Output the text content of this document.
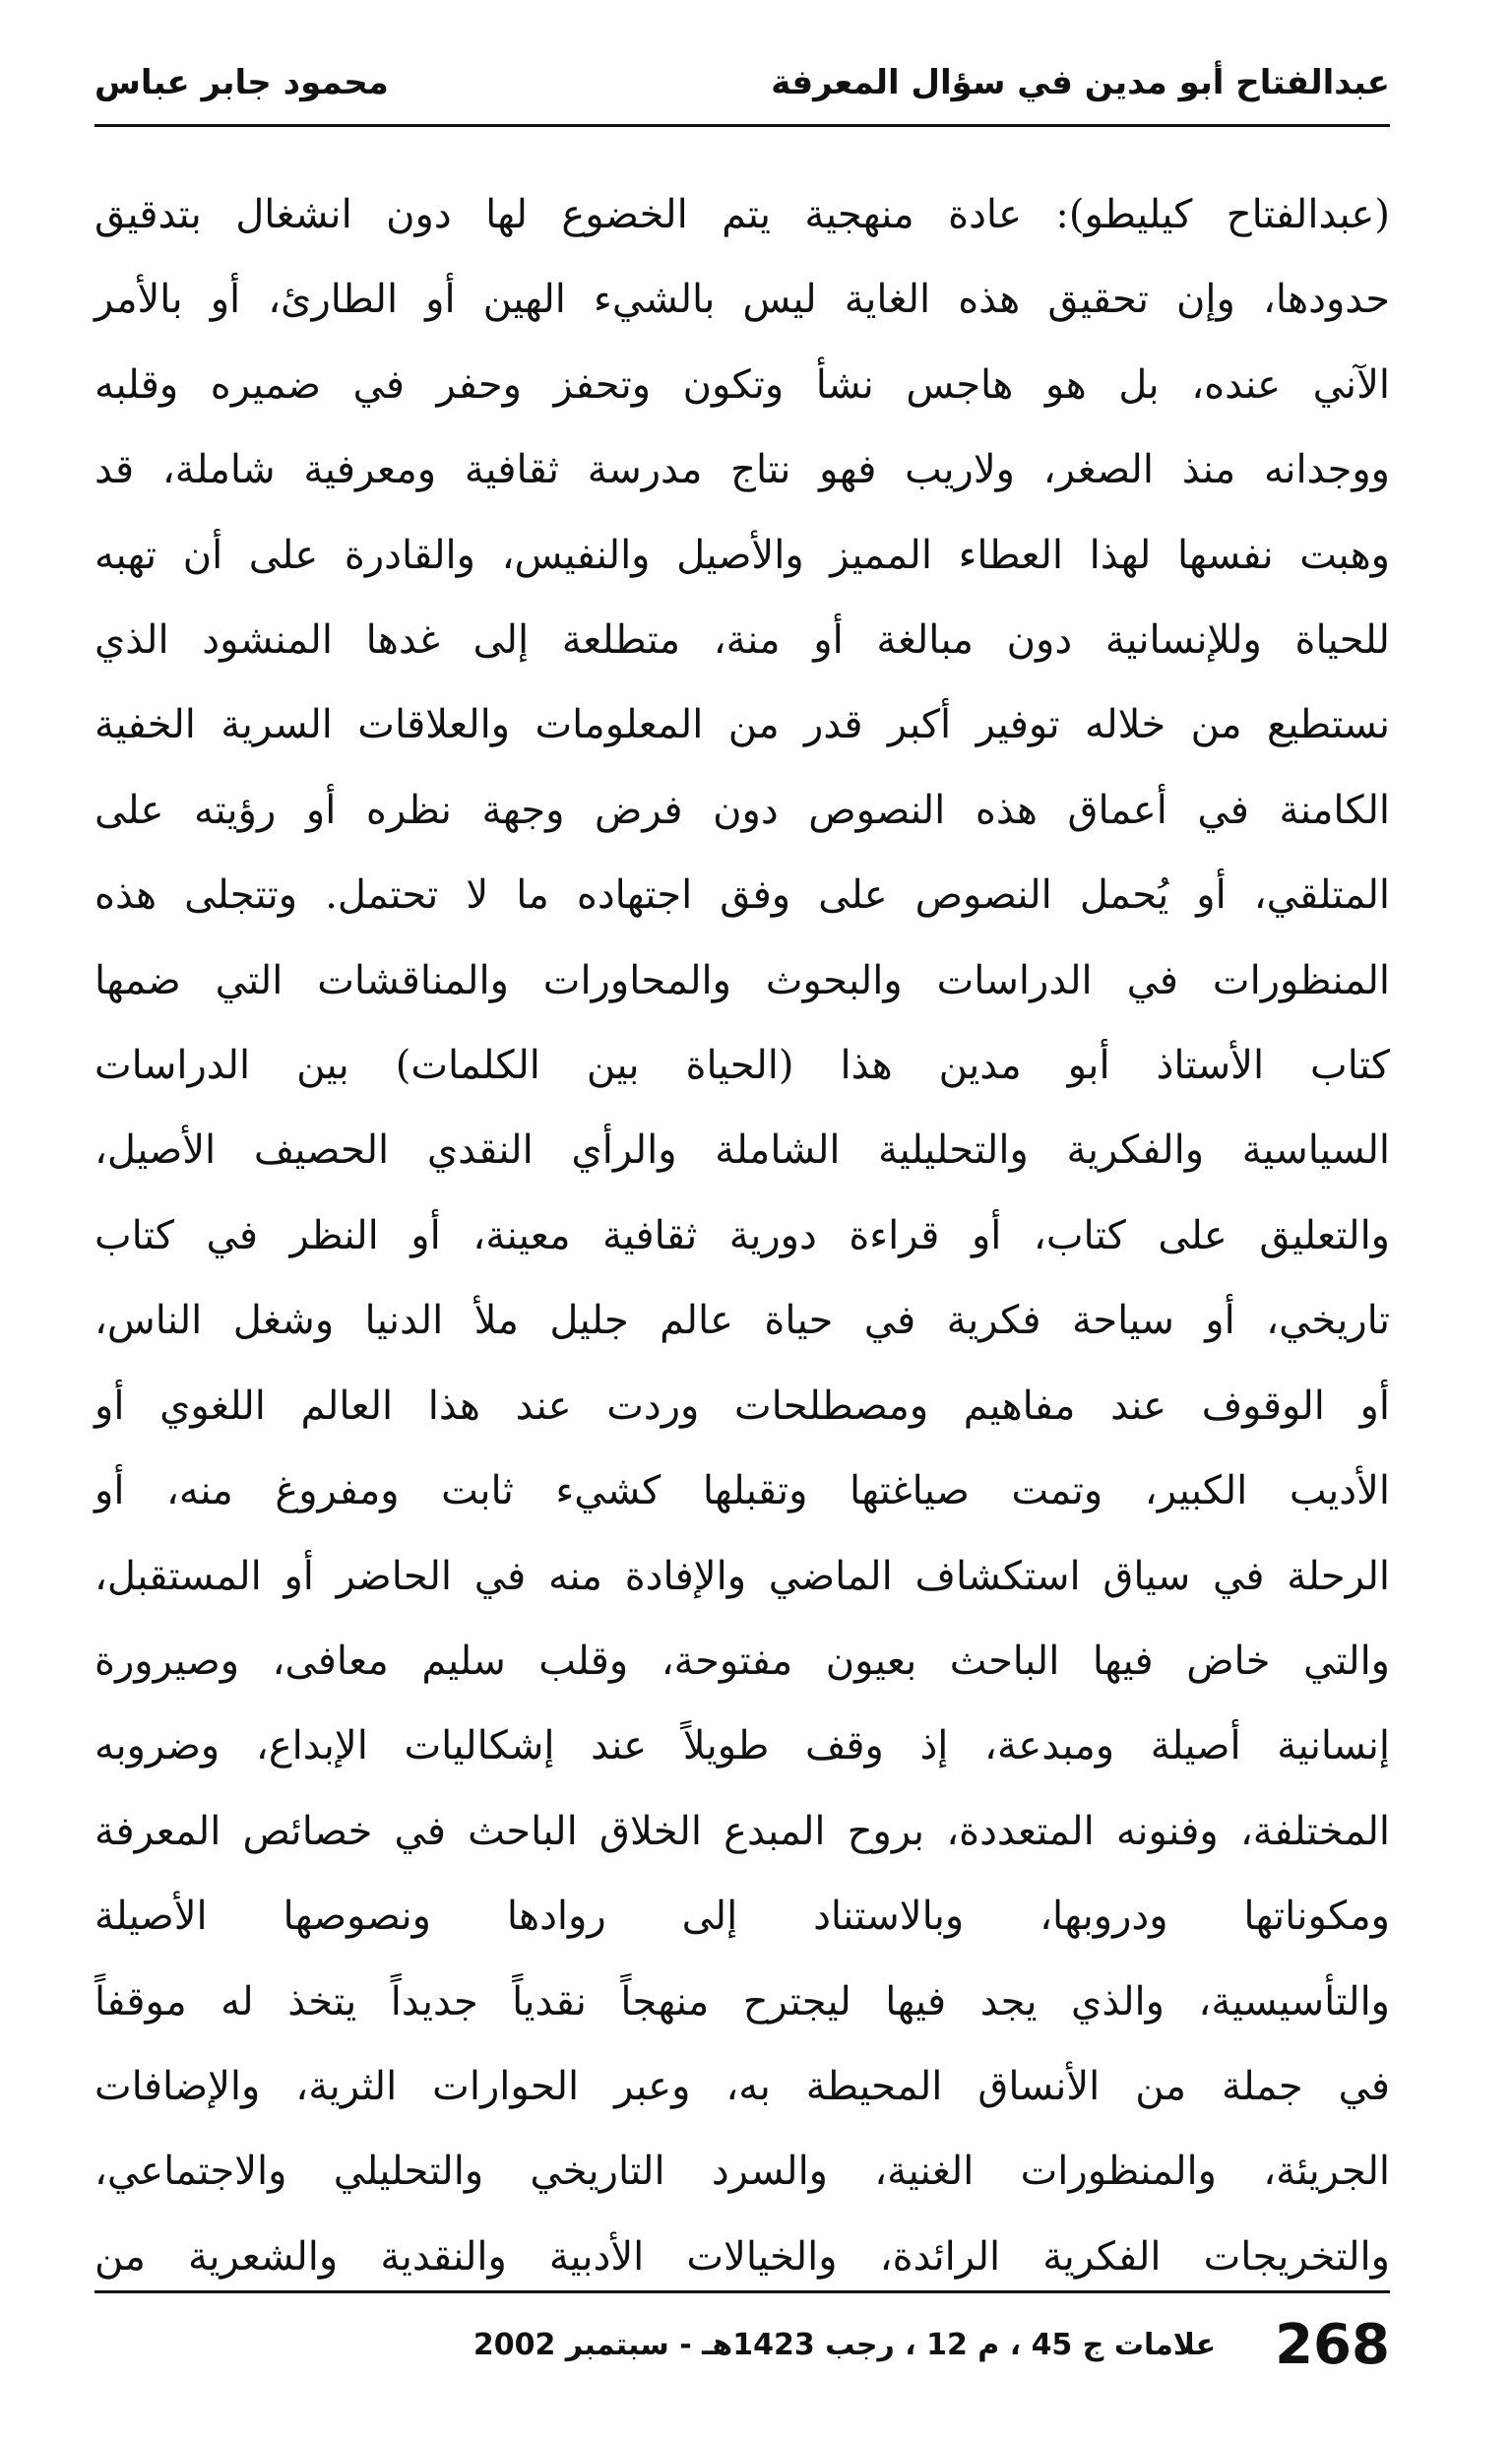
عبدالفتاح أبو مدين في سؤال المعرفة
محمود جابر عباس
(عبدالفتاح كيليطو): عادة منهجية يتم الخضوع لها دون انشغال بتدقيق
حدودها، وإن تحقيق هذه الغاية ليس بالشيء الهين أو الطارئ، أو بالأمر
الآني عنده، بل هو هاجس نشأ وتكون وتحفز وحفر في ضميره وقلبه
ووجدانه منذ الصغر، ولاريب فهو نتاج مدرسة ثقافية ومعرفية شاملة، قد
وهبت نفسها لهذا العطاء المميز والأصيل والنفيس، والقادرة على أن تهبه
للحياة وللإنسانية دون مبالغة أو منة، متطلعة إلى غدها المنشود الذي
نستطيع من خلاله توفير أكبر قدر من المعلومات والعلاقات السرية الخفية
الكامنة في أعماق هذه النصوص دون فرض وجهة نظره أو رؤيته على
المتلقي، أو يُحمل النصوص على وفق اجتهاده ما لا تحتمل. وتتجلى هذه
المنظورات في الدراسات والبحوث والمحاورات والمناقشات التي ضمها
كتاب الأستاذ أبو مدين هذا (الحياة بين الكلمات) بين الدراسات
السياسية والفكرية والتحليلية الشاملة والرأي النقدي الحصيف الأصيل،
والتعليق على كتاب، أو قراءة دورية ثقافية معينة، أو النظر في كتاب
تاريخي، أو سياحة فكرية في حياة عالم جليل ملأ الدنيا وشغل الناس،
أو الوقوف عند مفاهيم ومصطلحات وردت عند هذا العالم اللغوي أو
الأديب الكبير، وتمت صياغتها وتقبلها كشيء ثابت ومفروغ منه، أو
الرحلة في سياق استكشاف الماضي والإفادة منه في الحاضر أو المستقبل،
والتي خاض فيها الباحث بعيون مفتوحة، وقلب سليم معافى، وصيرورة
إنسانية أصيلة ومبدعة، إذ وقف طويلاً عند إشكاليات الإبداع، وضروبه
المختلفة، وفنونه المتعددة، بروح المبدع الخلاق الباحث في خصائص المعرفة
ومكوناتها ودروبها، وبالاستناد إلى روادها ونصوصها الأصيلة
والتأسيسية، والذي يجد فيها ليجترح منهجاً نقدياً جديداً يتخذ له موقفاً
في جملة من الأنساق المحيطة به، وعبر الحوارات الثرية، والإضافات
الجريئة، والمنظورات الغنية، والسرد التاريخي والتحليلي والاجتماعي،
والتخريجات الفكرية الرائدة، والخيالات الأدبية والنقدية والشعرية من
268
علامات ج 45 ، م 12 ، رجب 1423هـ - سبتمبر 2002
